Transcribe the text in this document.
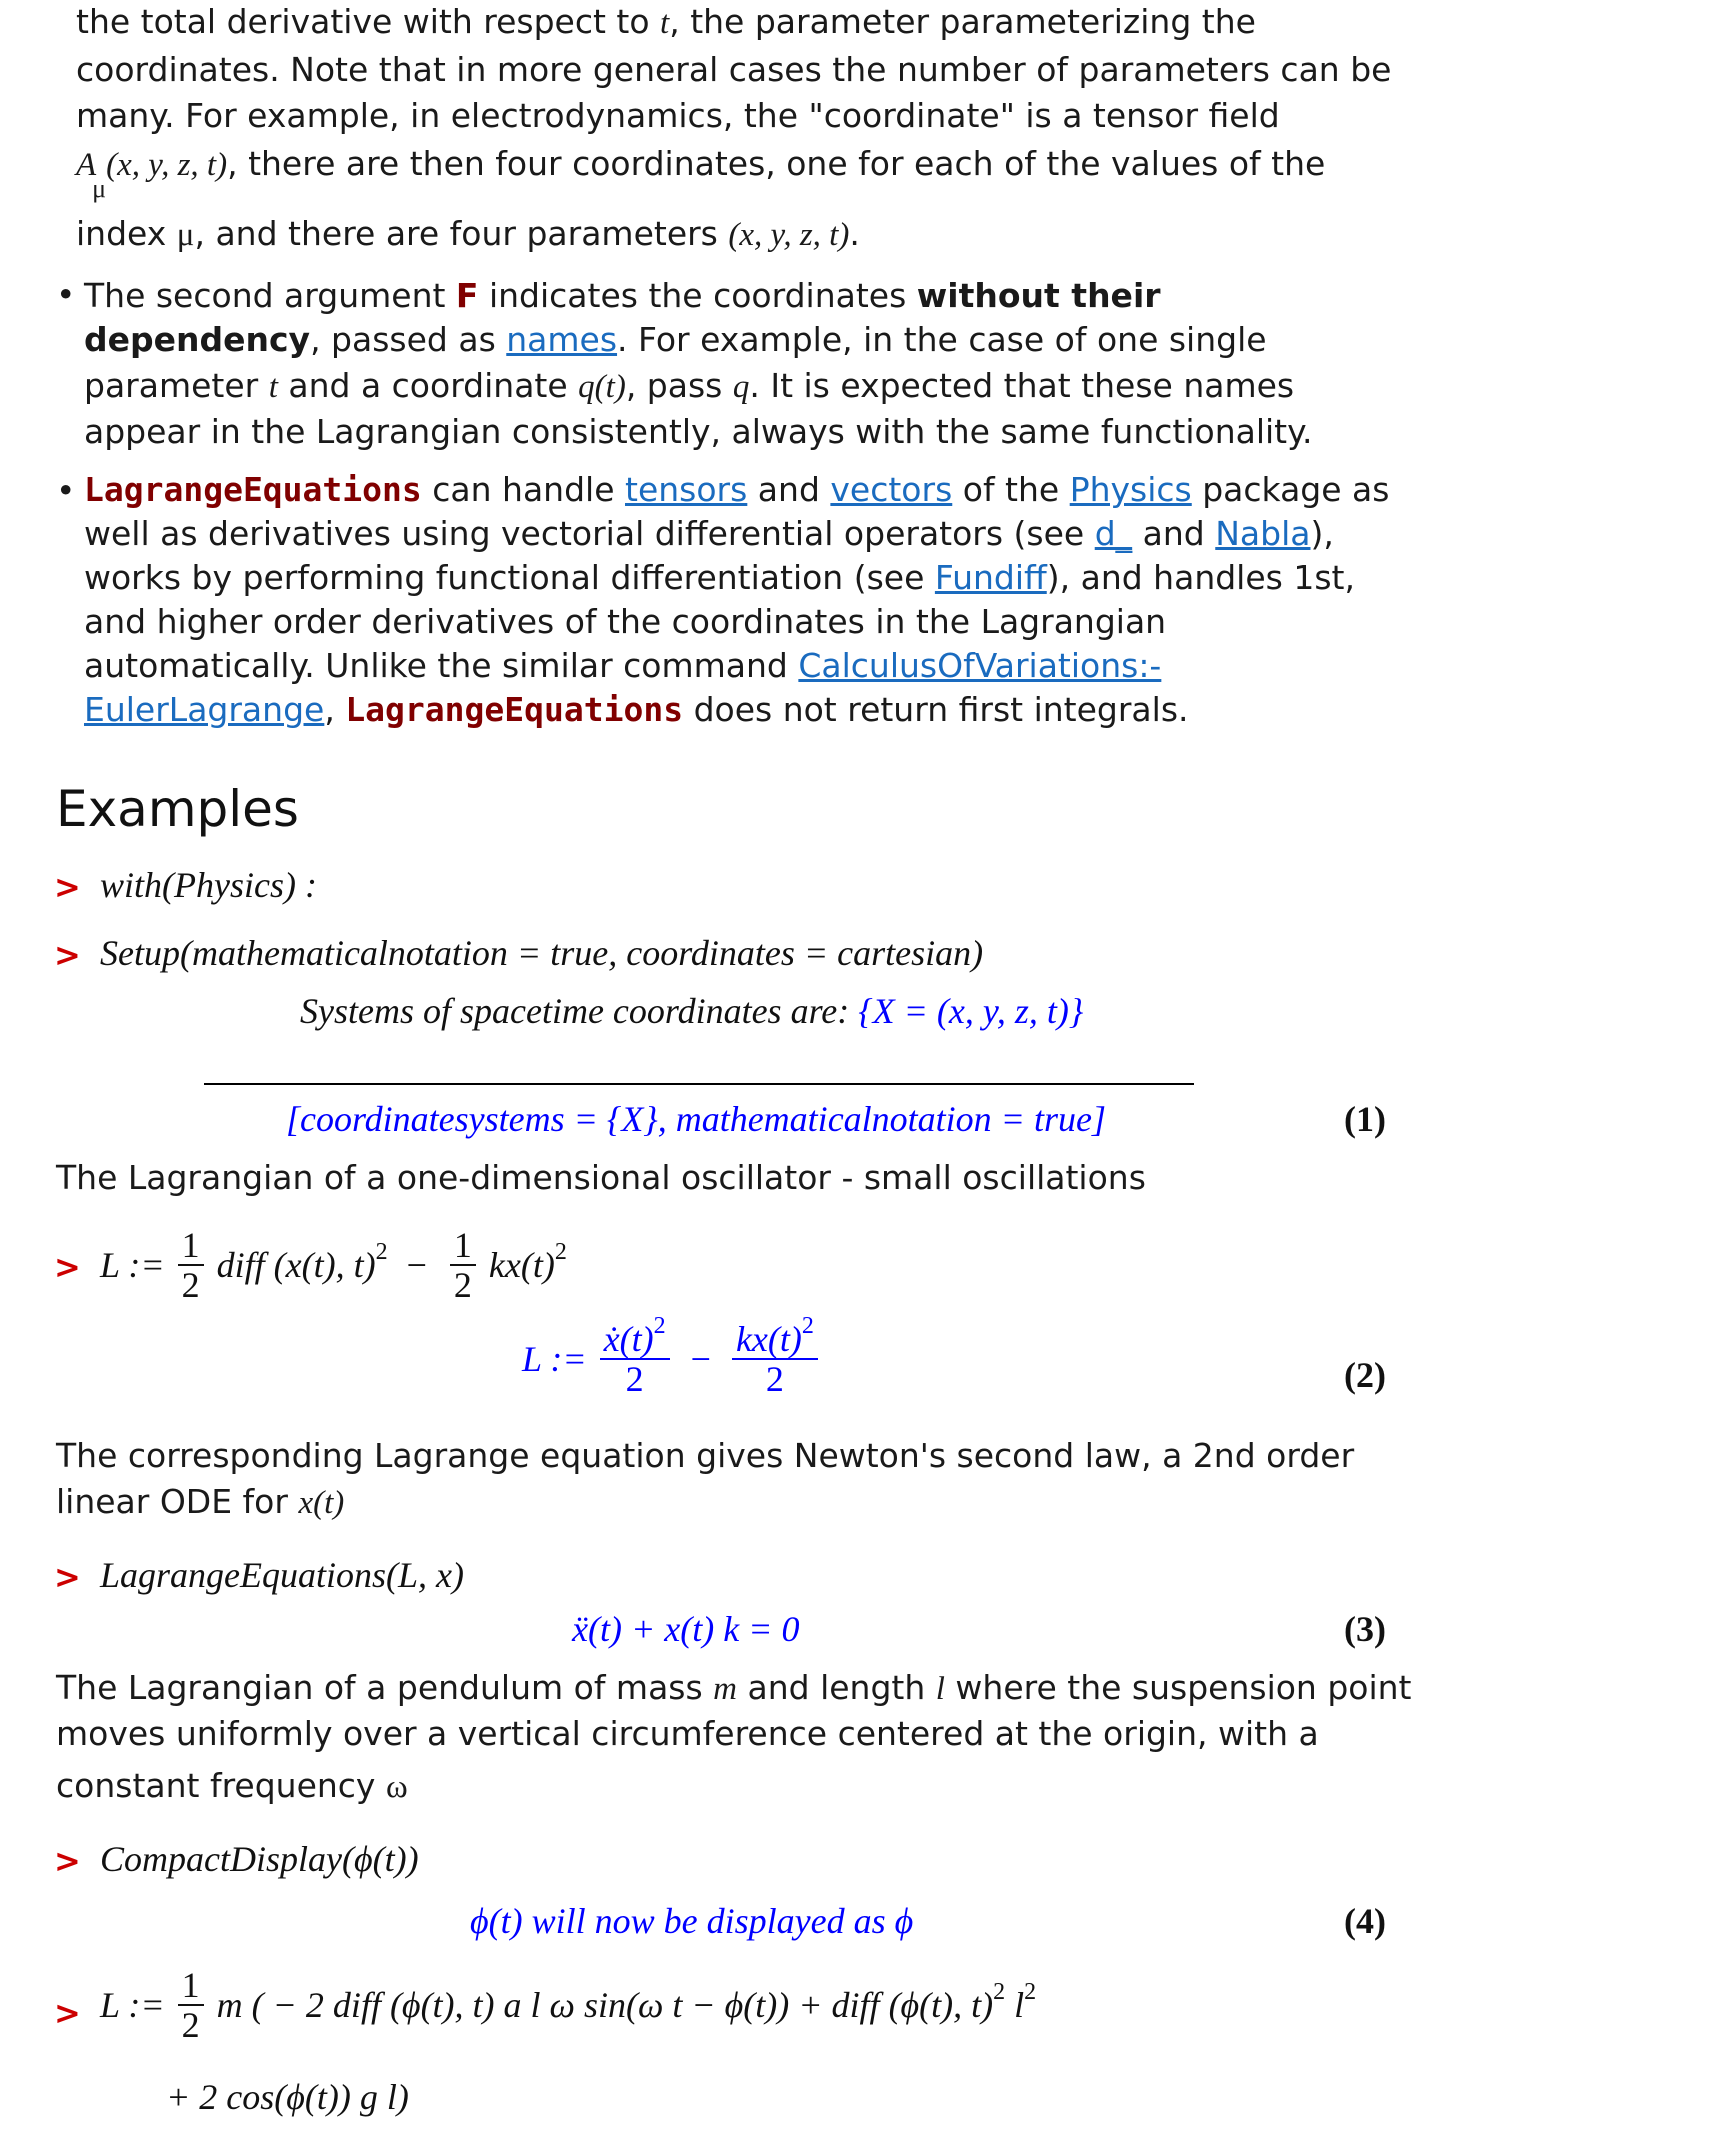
the total derivative with respect to t, the parameter parameterizing the
coordinates. Note that in more general cases the number of parameters can be
many. For example, in electrodynamics, the "coordinate" is a tensor field
$A_\mu(x$, y, z, t), there are then four coordinates, one for each of the values of the
index μ, and there are four parameters (x, y, z, t).
• The second argument F indicates the coordinates without their
dependency, passed as names. For example, in the case of one single
parameter t and a coordinate q(t), pass q. It is expected that these names
appear in the Lagrangian consistently, always with the same functionality.
• LagrangeEquations can handle tensors and vectors of the Physics package as
well as derivatives using vectorial differential operators (see d_ and Nabla),
works by performing functional differentiation (see Fundiff), and handles 1st,
and higher order derivatives of the coordinates in the Lagrangian
automatically. Unlike the similar command CalculusOfVariations:-
EulerLagrange, LagrangeEquations does not return first integrals.
Examples
> with(Physics) :
> Setup(mathematicalnotation = true, coordinates = cartesian)
Systems of spacetime coordinates are: {X = (x, y, z, t)}
[coordinatesystems = {X}, mathematicalnotation = true]	(1)
The Lagrangian of a one-dimensional oscillator - small oscillations
> L := $\frac{1}{2}$ diff (x(t), $t)^2 - \frac{1}{2} kx(t)^2$
L := $\frac{ẋ(t)^2}{2} - \frac{kx(t)^2}{2}$	(2)
The corresponding Lagrange equation gives Newton's second law, a 2nd order
linear ODE for x(t)
> LagrangeEquations(L, x)
ẍ(t) + x(t) k = 0	(3)
The Lagrangian of a pendulum of mass m and length l where the suspension point
moves uniformly over a vertical circumference centered at the origin, with a
constant frequency ω
> CompactDisplay(ϕ(t))
ϕ(t) will now be displayed as ϕ	(4)
> L := $\frac{1}{2}$ m ( − 2 diff (ϕ(t), t) a l ω sin(ω t − ϕ(t)) + diff (ϕ(t), t)$^2$ $l^2$
+ 2 cos(ϕ(t)) g l)
